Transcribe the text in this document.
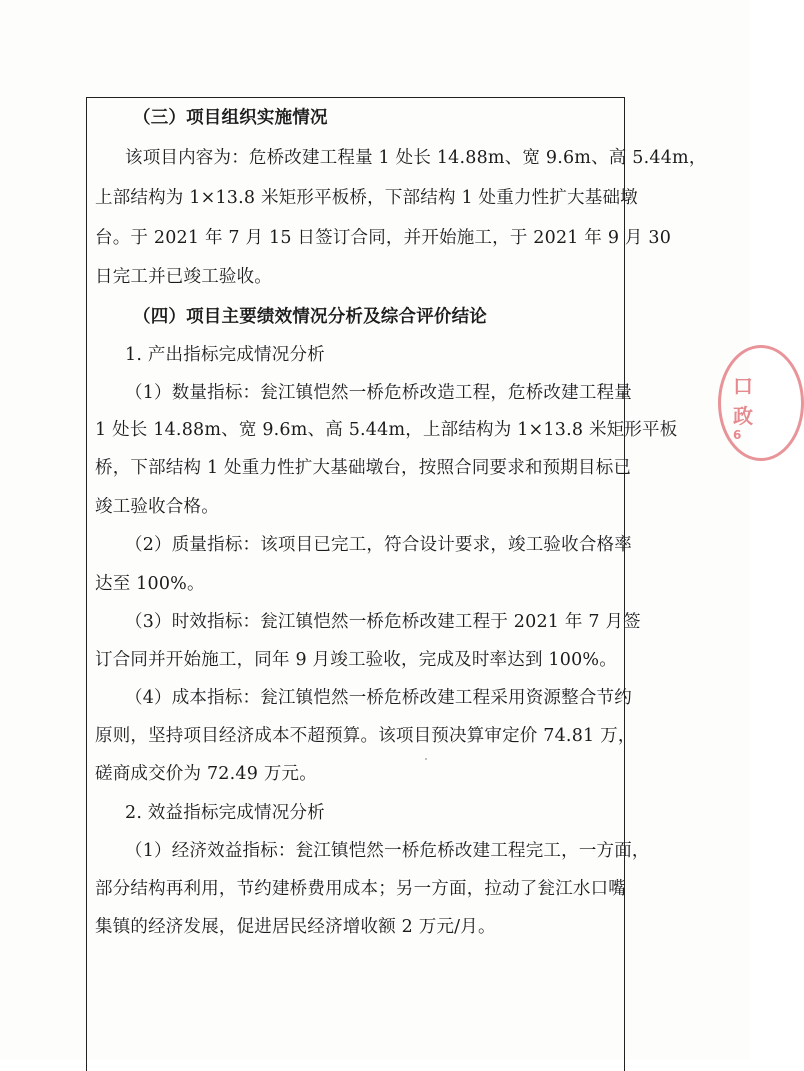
（三）项目组织实施情况
该项目内容为：危桥改建工程量 1 处长 14.88m、宽 9.6m、高 5.44m，
上部结构为 1×13.8 米矩形平板桥，下部结构 1 处重力性扩大基础墩
台。于 2021 年 7 月 15 日签订合同，并开始施工，于 2021 年 9 月 30
日完工并已竣工验收。
（四）项目主要绩效情况分析及综合评价结论
1. 产出指标完成情况分析
（1）数量指标：瓮江镇恺然一桥危桥改造工程，危桥改建工程量
1 处长 14.88m、宽 9.6m、高 5.44m，上部结构为 1×13.8 米矩形平板
桥，下部结构 1 处重力性扩大基础墩台，按照合同要求和预期目标已
竣工验收合格。
（2）质量指标：该项目已完工，符合设计要求，竣工验收合格率
达至 100%。
（3）时效指标：瓮江镇恺然一桥危桥改建工程于 2021 年 7 月签
订合同并开始施工，同年 9 月竣工验收，完成及时率达到 100%。
（4）成本指标：瓮江镇恺然一桥危桥改建工程采用资源整合节约
原则，坚持项目经济成本不超预算。该项目预决算审定价 74.81 万，
磋商成交价为 72.49 万元。
2. 效益指标完成情况分析
（1）经济效益指标：瓮江镇恺然一桥危桥改建工程完工，一方面，
部分结构再利用，节约建桥费用成本；另一方面，拉动了瓮江水口嘴
集镇的经济发展，促进居民经济增收额 2 万元/月。
口
政
6
